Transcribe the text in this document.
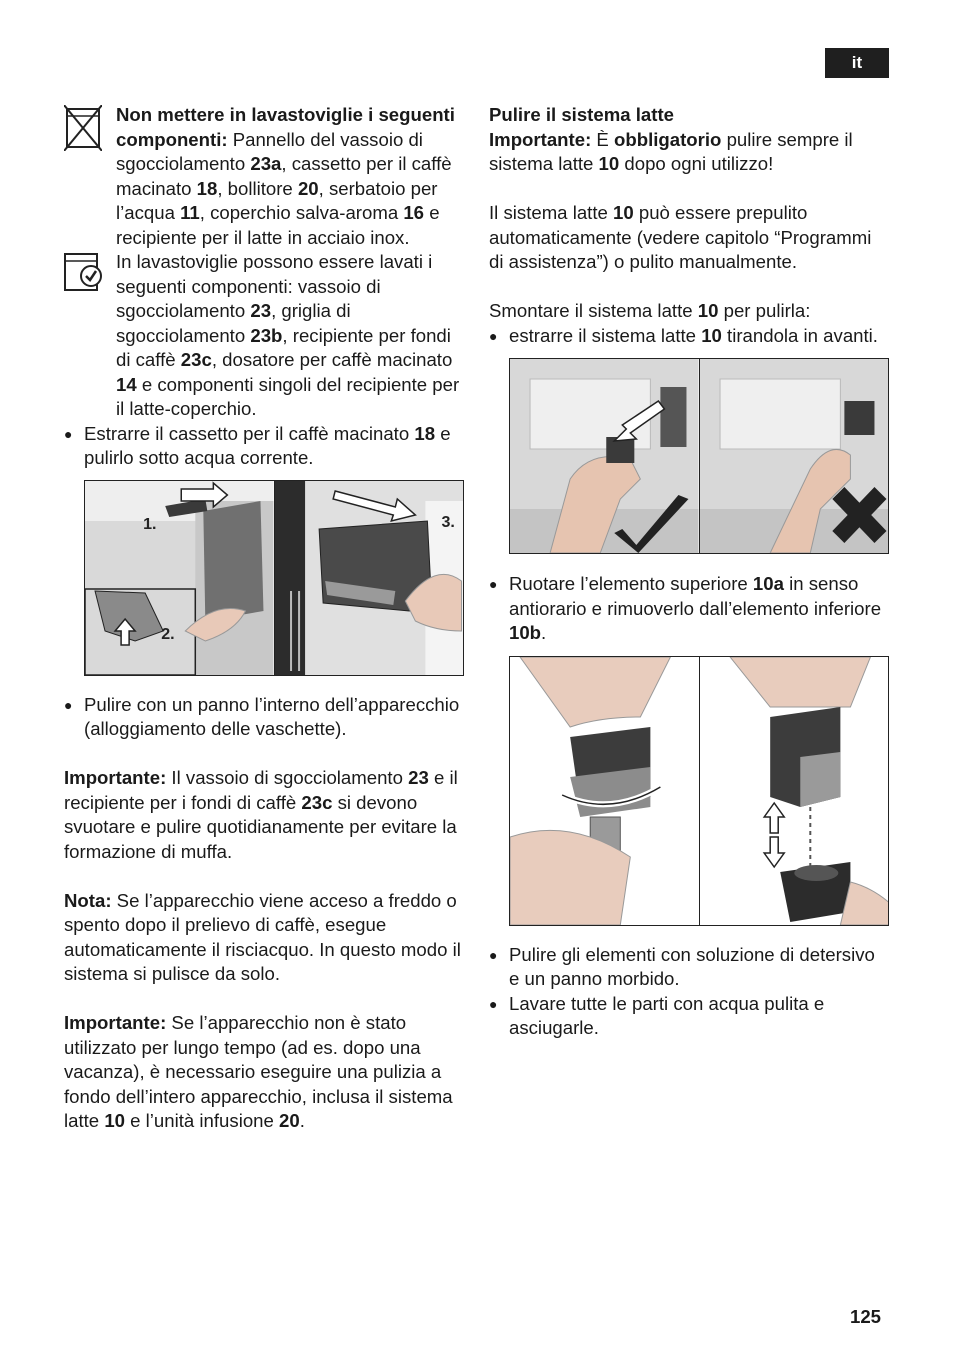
it

Non mettere in lavastoviglie i seguenti componenti: Pannello del vassoio di sgocciolamento 23a, cassetto per il caffè macinato 18, bollitore 20, serbatoio per l’acqua 11, coperchio salva-aroma 16 e recipiente per il latte in acciaio inox.

In lavastoviglie possono essere lavati i seguenti componenti: vassoio di sgocciolamento 23, griglia di sgocciolamento 23b, recipiente per fondi di caffè 23c, dosatore per caffè macinato 14 e componenti singoli del recipiente per il latte-coperchio.

● Estrarre il cassetto per il caffè macinato 18 e pulirlo sotto acqua corrente.

1.
2.
3.

● Pulire con un panno l’interno dell’apparecchio (alloggiamento delle vaschette).

Importante: Il vassoio di sgocciolamento 23 e il recipiente per i fondi di caffè 23c si devono svuotare e pulire quotidianamente per evitare la formazione di muffa.

Nota: Se l’apparecchio viene acceso a freddo o spento dopo il prelievo di caffè, esegue automaticamente il risciacquo. In questo modo il sistema si pulisce da solo.

Importante: Se l’apparecchio non è stato utilizzato per lungo tempo (ad es. dopo una vacanza), è necessario eseguire una pulizia a fondo dell’intero apparecchio, inclusa il sistema latte 10 e l’unità infusione 20.

Pulire il sistema latte

Importante: È obbligatorio pulire sempre il sistema latte 10 dopo ogni utilizzo!

Il sistema latte 10 può essere prepulito automaticamente (vedere capitolo “Programmi di assistenza”) o pulito manualmente.

Smontare il sistema latte 10 per pulirla:

● estrarre il sistema latte 10 tirandola in avanti.

● Ruotare l’elemento superiore 10a in senso antiorario e rimuoverlo dall’elemento inferiore 10b.

● Pulire gli elementi con soluzione di detersivo e un panno morbido.

● Lavare tutte le parti con acqua pulita e asciugarle.

125
